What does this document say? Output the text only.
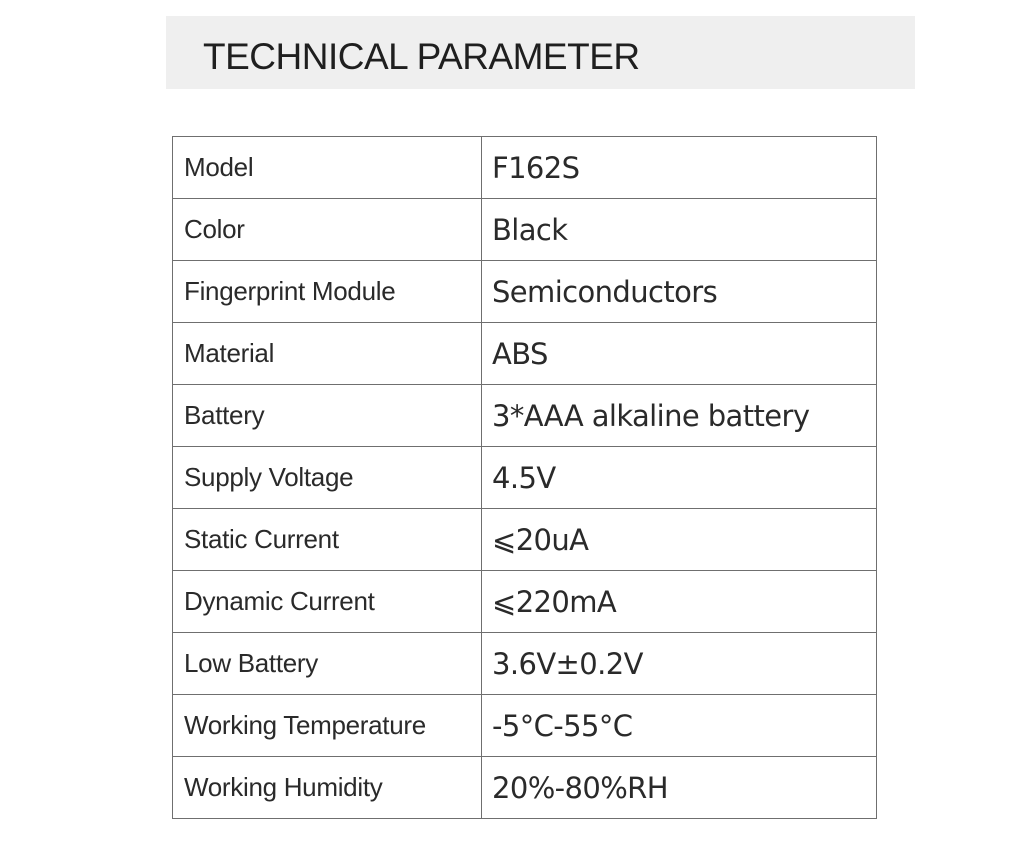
TECHNICAL PARAMETER
Model	F162S
Color	Black
Fingerprint Module	Semiconductors
Material	ABS
Battery	3*AAA alkaline battery
Supply Voltage	4.5V
Static Current	⩽20uA
Dynamic Current	⩽220mA
Low Battery	3.6V±0.2V
Working Temperature	-5°C-55°C
Working Humidity	20%-80%RH
